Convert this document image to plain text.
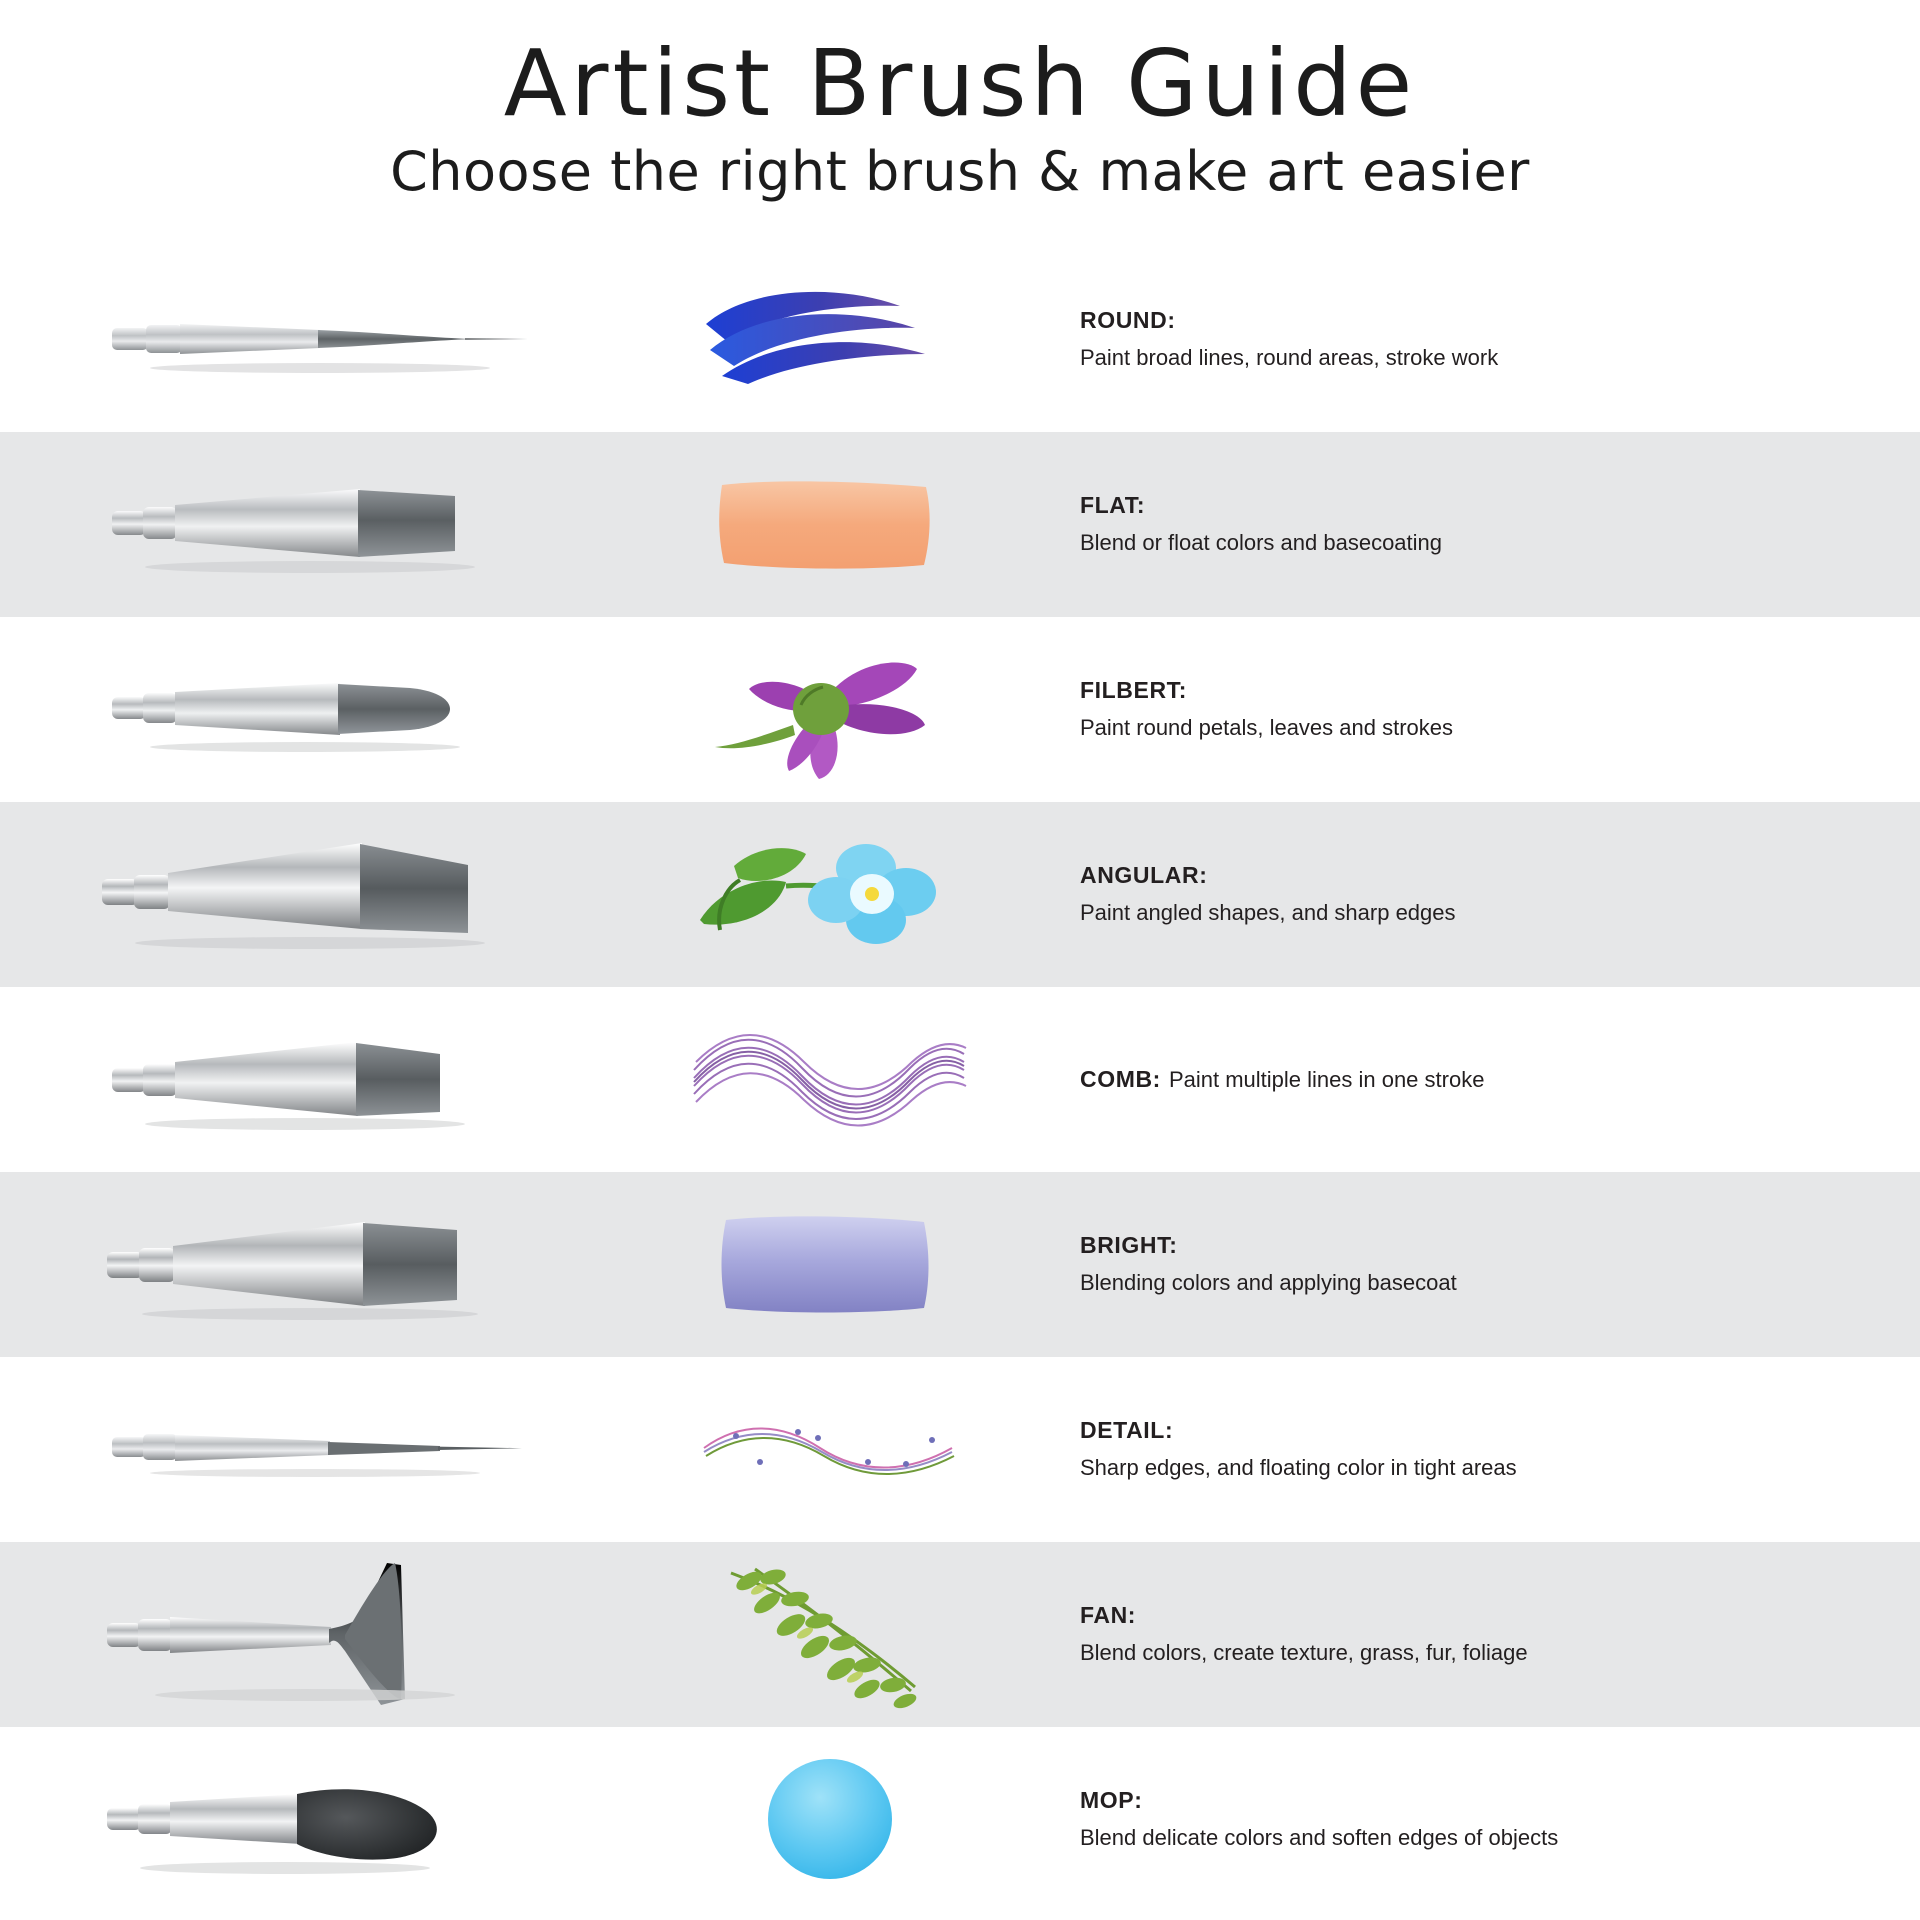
Artist Brush Guide
Choose the right brush & make art easier

ROUND:

Paint broad lines, round areas, stroke work

FLAT:

Blend or float colors and basecoating

FILBERT:

Paint round petals, leaves and strokes

ANGULAR:

Paint angled shapes, and sharp edges

COMB: Paint multiple lines in one stroke

BRIGHT:

Blending colors and applying basecoat

DETAIL:

Sharp edges, and floating color in tight areas

FAN:

Blend colors, create texture, grass, fur, foliage

MOP:

Blend delicate colors and soften edges of objects
